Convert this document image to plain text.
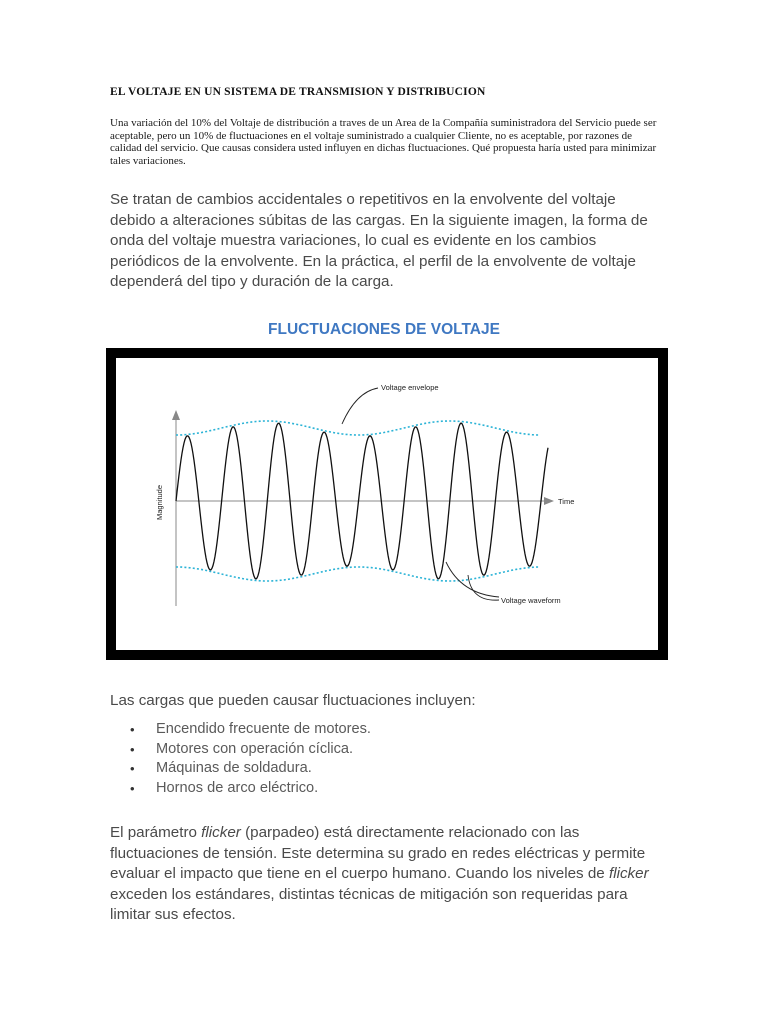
EL VOLTAJE EN UN SISTEMA DE TRANSMISION Y DISTRIBUCION

Una variación del 10% del Voltaje de distribución a traves de un Area de la Compañía suministradora del Servicio puede ser aceptable, pero un 10% de fluctuaciones en el voltaje suministrado a cualquier Cliente, no es aceptable, por razones de calidad del servicio. Que causas considera usted influyen en dichas fluctuaciones. Qué propuesta haría usted para minimizar tales variaciones.

Se tratan de cambios accidentales o repetitivos en la envolvente del voltaje debido a alteraciones súbitas de las cargas. En la siguiente imagen, la forma de onda del voltaje muestra variaciones, lo cual es evidente en los cambios periódicos de la envolvente. En la práctica, el perfil de la envolvente de voltaje dependerá del tipo y duración de la carga.

FLUCTUACIONES DE VOLTAJE
Voltage envelope
Voltage waveform
Time
Magnitude

Las cargas que pueden causar fluctuaciones incluyen:

• Encendido frecuente de motores.
• Motores con operación cíclica.
• Máquinas de soldadura.
• Hornos de arco eléctrico.

El parámetro flicker (parpadeo) está directamente relacionado con las fluctuaciones de tensión. Este determina su grado en redes eléctricas y permite evaluar el impacto que tiene en el cuerpo humano. Cuando los niveles de flicker exceden los estándares, distintas técnicas de mitigación son requeridas para limitar sus efectos.
